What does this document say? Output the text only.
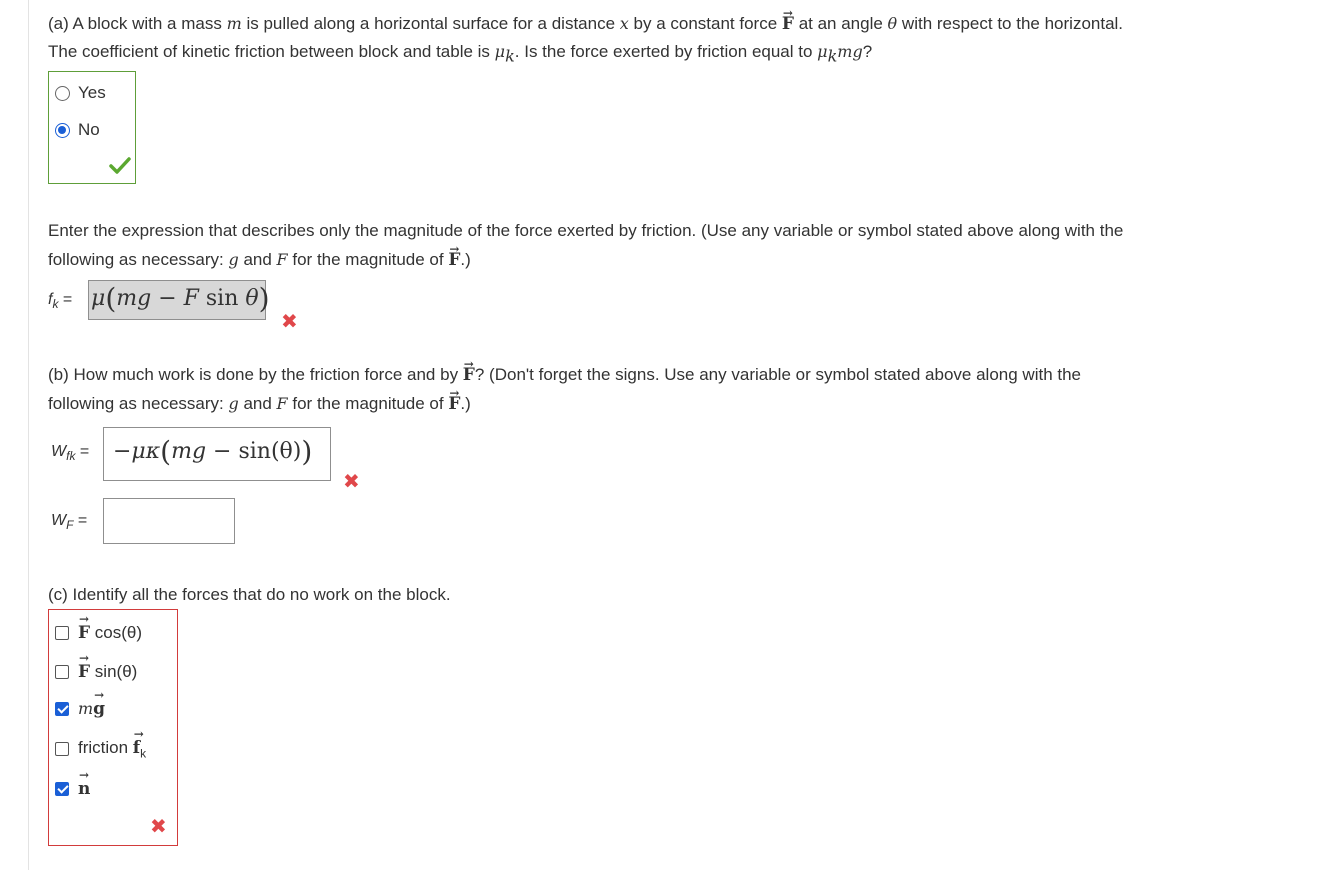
(a) A block with a mass m is pulled along a horizontal surface for a distance x by a constant force → F at an angle θ with respect to the horizontal.
The coefficient of kinetic friction between block and table is $\mu_k$. Is the force exerted by friction equal to $\mu_kmg$?
Yes
No
Enter the expression that describes only the magnitude of the force exerted by friction. (Use any variable or symbol stated above along with the
following as necessary: g and F for the magnitude of → F.)
$f_k = \mu(mg - F$ sin θ)
✖
(b) How much work is done by the friction force and by → F? (Don't forget the signs. Use any variable or symbol stated above along with the
following as necessary: g and F for the magnitude of → F.)
$W_{fk} = -\mu\kappa(mg - \sin(\theta))$
✖
$W_F$ =
(c) Identify all the forces that do no work on the block.
→ F cos(θ)
→ F sin(θ)
m→ g
friction → $f_k$
→ n
✖
